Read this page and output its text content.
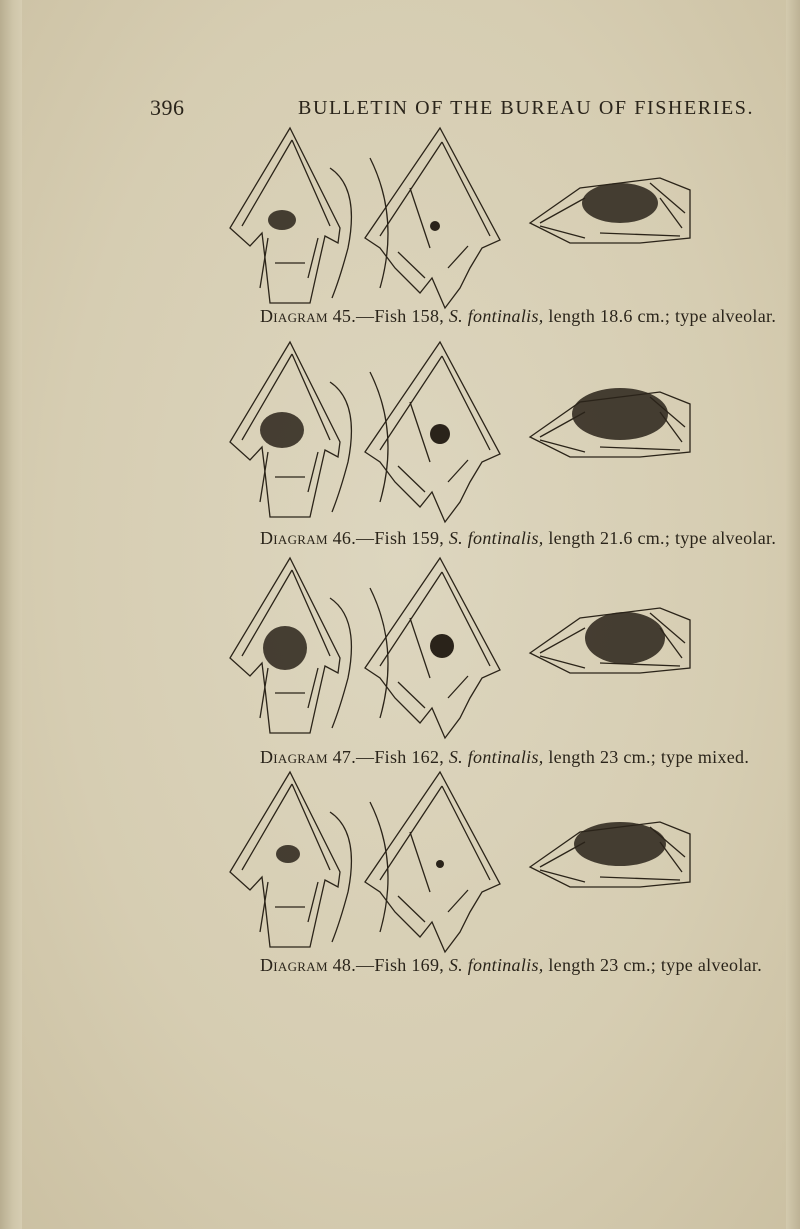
396	BULLETIN OF THE BUREAU OF FISHERIES.
Diagram 45.—Fish 158, S. fontinalis, length 18.6 cm.; type alveolar.
Diagram 46.—Fish 159, S. fontinalis, length 21.6 cm.; type alveolar.
Diagram 47.—Fish 162, S. fontinalis, length 23 cm.; type mixed.
Diagram 48.—Fish 169, S. fontinalis, length 23 cm.; type alveolar.
